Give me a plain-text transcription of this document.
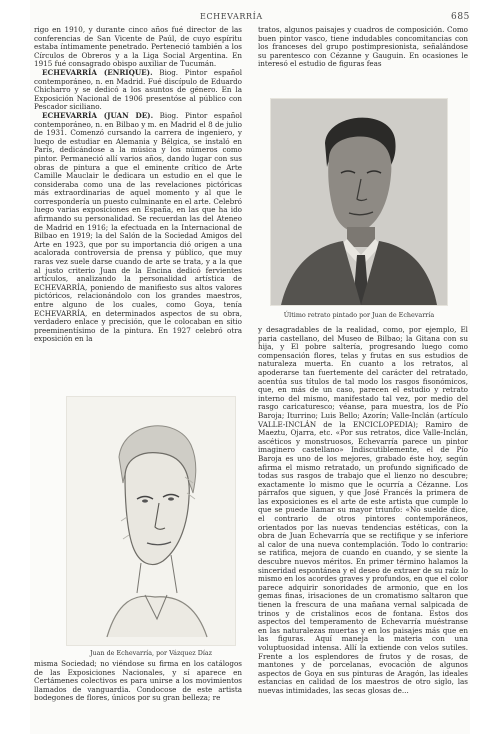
ECHEVARRÍA	685

rigo en 1910, y durante cinco años fué director de las conferencias de San Vicente de Paúl, de cuyo espíritu estaba íntimamente penetrado. Perteneció también a los Círculos de Obreros y a la Liga Social Argentina. En 1915 fué consagrado obispo auxiliar de Tucumán.

ECHEVARRÍA (ENRIQUE). Biog. Pintor español contemporáneo, n. en Madrid. Fué discípulo de Eduardo Chicharro y se dedicó a los asuntos de género. En la Exposición Nacional de 1906 presentóse al público con Pescador siciliano.

ECHEVARRÍA (JUAN DE). Biog. Pintor español contemporáneo, n. en Bilbao y m. en Madrid el 8 de julio de 1931. Comenzó cursando la carrera de ingeniero, y luego de estudiar en Alemania y Bélgica, se instaló en París, dedicándose a la música y los números como pintor. Permaneció allí varios años, dando lugar con sus obras de pintura a que el eminente crítico de Arte Camille Mauclair le dedicara un estudio en el que le consideraba como una de las revelaciones pictóricas más extraordinarias de aquel momento y al que le correspondería un puesto culminante en el arte. Celebró luego varias exposiciones en España, en las que ha ido afirmando su personalidad. Se recuerdan las del Ateneo de Madrid en 1916; la efectuada en la Internacional de Bilbao en 1919; la del Salón de la Sociedad Amigos del Arte en 1923, que por su importancia dió origen a una acalorada controversia de prensa y público, que muy raras vez suele darse cuando de arte se trata, y a la que al justo criterio Juan de la Encina dedicó fervientes artículos, analizando la personalidad artística de ECHEVARRÍA, poniendo de manifiesto sus altos valores pictóricos, relacionándolo con los grandes maestros, entre alguno de los cuales, como Goya, tenía ECHEVARRÍA, en determinados aspectos de su obra, verdadero enlace y precisión, que le colocaban en sitio preeminentísimo de la pintura. En 1927 celebró otra exposición en la

Juan de Echevarría, por Vázquez Díaz

misma Sociedad; no viéndose su firma en los catálogos de las Exposiciones Nacionales, y sí aparece en Certámenes colectivos es para unirse a los movimientos llamados de vanguardia. Condocose de este artista bodegones de flores, únicos por su gran belleza; re

tratos, algunos paisajes y cuadros de composición. Como buen pintor vasco, tiene indudables concomitancias con los franceses del grupo postimpresionista, señalándose su parentesco con Cézanne y Gauguin. En ocasiones le interesó el estudio de figuras feas

Último retrato pintado por Juan de Echevarría

y desagradables de la realidad, como, por ejemplo, El paria castellano, del Museo de Bilbao; la Gitana con su hija, y El pobre saltería, progresando luego como compensación flores, telas y frutas en sus estudios de naturaleza muerta. En cuanto a los retratos, al apoderarse tan fuertemente del carácter del retratado, acentúa sus títulos de tal modo los rasgos fisonómicos, que, en más de un caso, parecen el estudio y retrato interno del mismo, manifestado tal vez, por medio del rasgo caricaturesco; véanse, para muestra, los de Pío Baroja; Iturrino; Luis Bello; Azorín; Valle-Inclán (artículo VALLE-INCLÁN de la ENCICLOPEDIA); Ramiro de Maeztu, Ojarra, etc. «Por sus retratos, dice Valle-Inclán, ascéticos y monstruosos, Echevarría parece un pintor imaginero castellano» Indiscutiblemente, el de Pío Baroja es uno de los mejores, grabado éste hoy, según afirma el mismo retratado, un profundo significado de todas sus rasgos de trabajo que el lienzo no descubre; exactamente lo mismo que le ocurría a Cézanne. Los párrafos que siguen, y que José Francés la primera de las exposiciones es el arte de este artista que cumple lo que se puede llamar su mayor triunfo: «No suelde dice, el contrario de otros pintores contemporáneos, orientados por las nuevas tendencias estéticas, con la obra de Juan Echevarría que se rectifique y se inferiore al calor de una nueva contemplación. Todo lo contrario: se ratifica, mejora de cuando en cuando, y se siente la descubre nuevos méritos. En primer término halamos la sinceridad espontánea y el deseo de extraer de su raíz lo mismo en los acordes graves y profundos, en que el color parece adquirir sonoridades de armonio, que en los gemas finas, irisaciones de un cromatismo saltaron que tienen la frescura de una mañana vernal salpicada de trinos y de cristalinos ecos de fontana. Estos dos aspectos del temperamento de Echevarría muéstranse en las naturalezas muertas y en los paisajes más que en las figuras. Aquí maneja la materia con una voluptuosidad intensa. Allí la extiende con velos sutiles. Frente a los esplendores de frutos y de rosas, de mantones y de porcelanas, evocación de algunos aspectos de Goya en sus pinturas de Aragón, las ideales estancias en calidad de los maestros de otro siglo, las nuevas intimidades, las secas glosas de...
